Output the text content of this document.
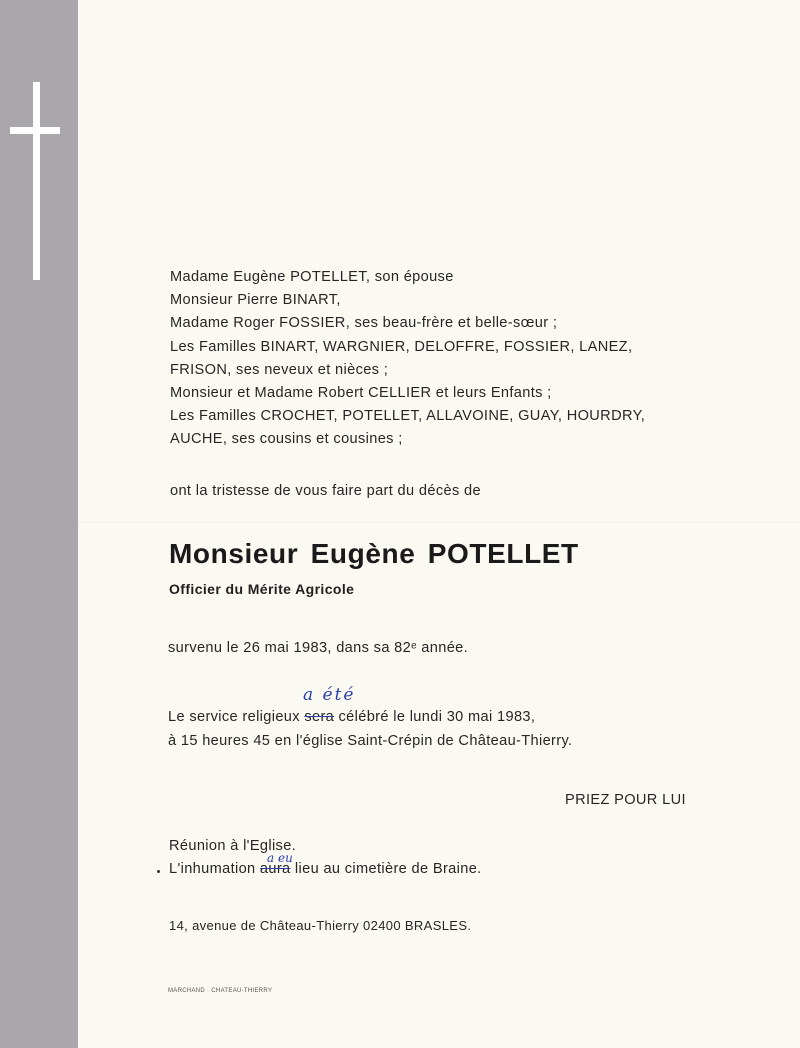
Madame Eugène POTELLET, son épouse
Monsieur Pierre BINART,
Madame Roger FOSSIER, ses beau-frère et belle-sœur ;
Les Familles BINART, WARGNIER, DELOFFRE, FOSSIER, LANEZ,
FRISON, ses neveux et nièces ;
Monsieur et Madame Robert CELLIER et leurs Enfants ;
Les Familles CROCHET, POTELLET, ALLAVOINE, GUAY, HOURDRY,
AUCHE, ses cousins et cousines ;
ont la tristesse de vous faire part du décès de
Monsieur Eugène POTELLET
Officier du Mérite Agricole
survenu le 26 mai 1983, dans sa 82ᵉ année.
a été
Le service religieux sera célébré le lundi 30 mai 1983,
à 15 heures 45 en l'église Saint-Crépin de Château-Thierry.
PRIEZ POUR LUI
Réunion à l'Eglise.
a eu
L'inhumation aura lieu au cimetière de Braine.
14, avenue de Château-Thierry 02400 BRASLES.
MARCHAND · CHATEAU-THIERRY
